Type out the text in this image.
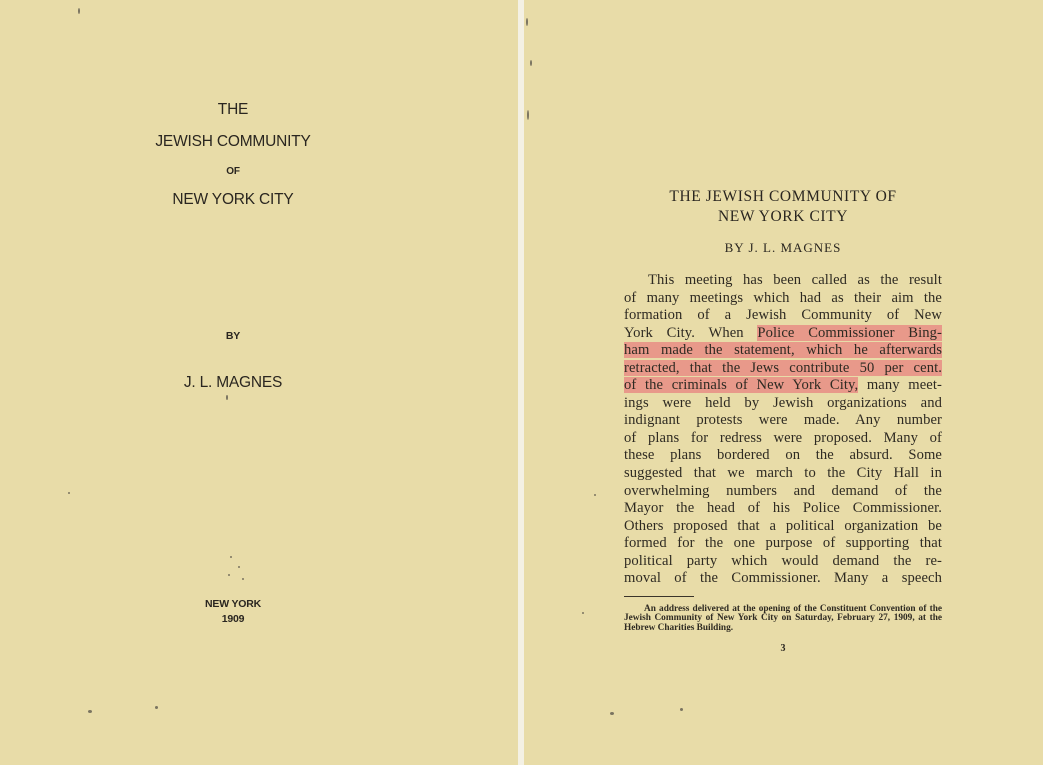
THE
JEWISH COMMUNITY
OF
NEW YORK CITY
BY
J. L. MAGNES
NEW YORK
1909
THE JEWISH COMMUNITY OF
NEW YORK CITY
BY J. L. MAGNES
This meeting has been called as the result
of many meetings which had as their aim the
formation of a Jewish Community of New
York City. When Police Commissioner Bing-
ham made the statement, which he afterwards
retracted, that the Jews contribute 50 per cent.
of the criminals of New York City, many meet-
ings were held by Jewish organizations and
indignant protests were made. Any number
of plans for redress were proposed. Many of
these plans bordered on the absurd. Some
suggested that we march to the City Hall in
overwhelming numbers and demand of the
Mayor the head of his Police Commissioner.
Others proposed that a political organization be
formed for the one purpose of supporting that
political party which would demand the re-
moval of the Commissioner. Many a speech
An address delivered at the opening of the Constituent Convention of the Jewish Community of New York City on Saturday, February 27, 1909, at the Hebrew Charities Building.
3
